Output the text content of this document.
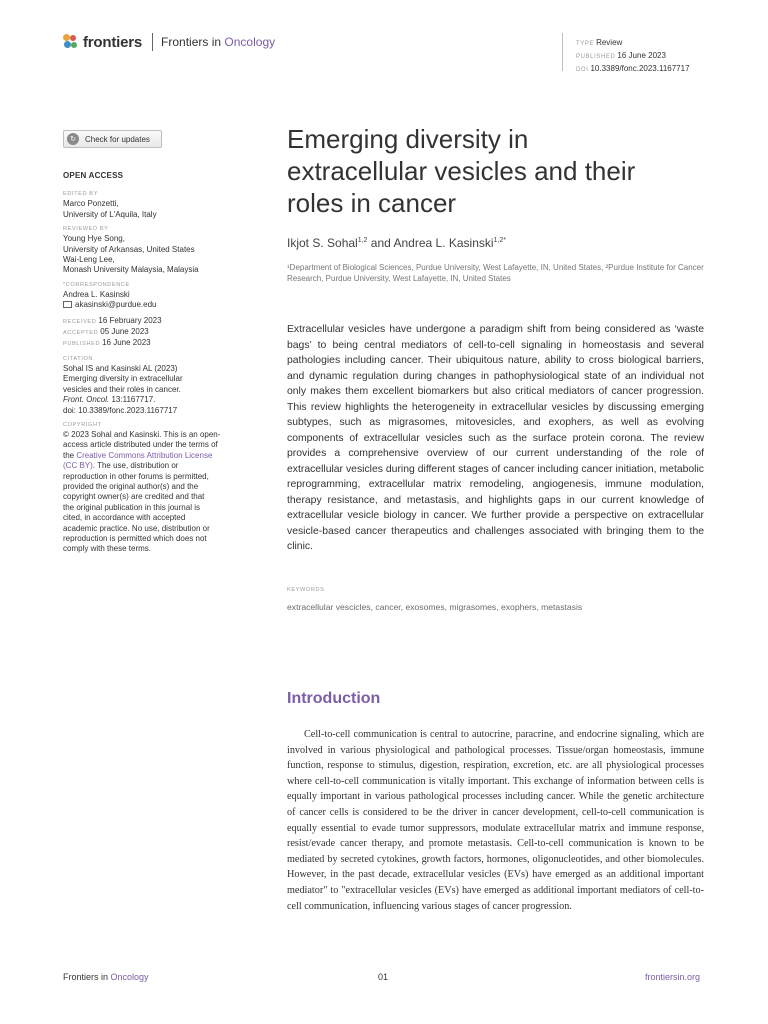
frontiers Frontiers in Oncology	TYPE Review
PUBLISHED 16 June 2023
DOI 10.3389/fonc.2023.1167717
↻	Check for updates
OPEN ACCESS
EDITED BY
Marco Ponzetti,
University of L'Aquila, Italy
REVIEWED BY
Young Hye Song,
University of Arkansas, United States
Wai-Leng Lee,
Monash University Malaysia, Malaysia
*CORRESPONDENCE
Andrea L. Kasinski
akasinski@purdue.edu
RECEIVED 16 February 2023
ACCEPTED 05 June 2023
PUBLISHED 16 June 2023
CITATION
Sohal IS and Kasinski AL (2023)
Emerging diversity in extracellular
vesicles and their roles in cancer.
Front. Oncol. 13:1167717.
doi: 10.3389/fonc.2023.1167717
COPYRIGHT
© 2023 Sohal and Kasinski. This is an open-
access article distributed under the terms of
the Creative Commons Attribution License
(CC BY). The use, distribution or
reproduction in other forums is permitted,
provided the original author(s) and the
copyright owner(s) are credited and that
the original publication in this journal is
cited, in accordance with accepted
academic practice. No use, distribution or
reproduction is permitted which does not
comply with these terms.
Emerging diversity in extracellular vesicles and their roles in cancer
Ikjot S. Sohal$^{1,2}$ and Andrea L. Kasinski$^{1,2*}$
¹Department of Biological Sciences, Purdue University, West Lafayette, IN, United States, ²Purdue Institute for Cancer Research, Purdue University, West Lafayette, IN, United States

Extracellular vesicles have undergone a paradigm shift from being considered as ‘waste bags’ to being central mediators of cell-to-cell signaling in homeostasis and several pathologies including cancer. Their ubiquitous nature, ability to cross biological barriers, and dynamic regulation during changes in pathophysiological state of an individual not only makes them excellent biomarkers but also critical mediators of cancer progression. This review highlights the heterogeneity in extracellular vesicles by discussing emerging subtypes, such as migrasomes, mitovesicles, and exophers, as well as evolving components of extracellular vesicles such as the surface protein corona. The review provides a comprehensive overview of our current understanding of the role of extracellular vesicles during different stages of cancer including cancer initiation, metabolic reprogramming, extracellular matrix remodeling, angiogenesis, immune modulation, therapy resistance, and metastasis, and highlights gaps in our current knowledge of extracellular vesicle biology in cancer. We further provide a perspective on extracellular vesicle-based cancer therapeutics and challenges associated with bringing them to the clinic.

KEYWORDS
extracellular vescicles, cancer, exosomes, migrasomes, exophers, metastasis
Introduction

Cell-to-cell communication is central to autocrine, paracrine, and endocrine signaling, which are involved in various physiological and pathological processes. Tissue/organ homeostasis, immune function, response to stimulus, digestion, respiration, excretion, etc. are all physiological processes where cell-to-cell communication is vitally important. This exchange of information between cells is equally important in various pathological processes including cancer. While the genetic architecture of cancer cells is considered to be the driver in cancer development, cell-to-cell communication is equally essential to evade tumor suppressors, modulate extracellular matrix and immune response, resist/evade cancer therapy, and promote metastasis. Cell-to-cell communication is known to be mediated by secreted cytokines, growth factors, hormones, oligonucleotides, and other biomolecules. However, in the past decade, extracellular vesicles (EVs) have emerged as an additional important mediator" to "extracellular vesicles (EVs) have emerged as additional important mediators of cell-to-cell communication, influencing various stages of cancer progression.

Frontiers in Oncology	01	frontiersin.org
